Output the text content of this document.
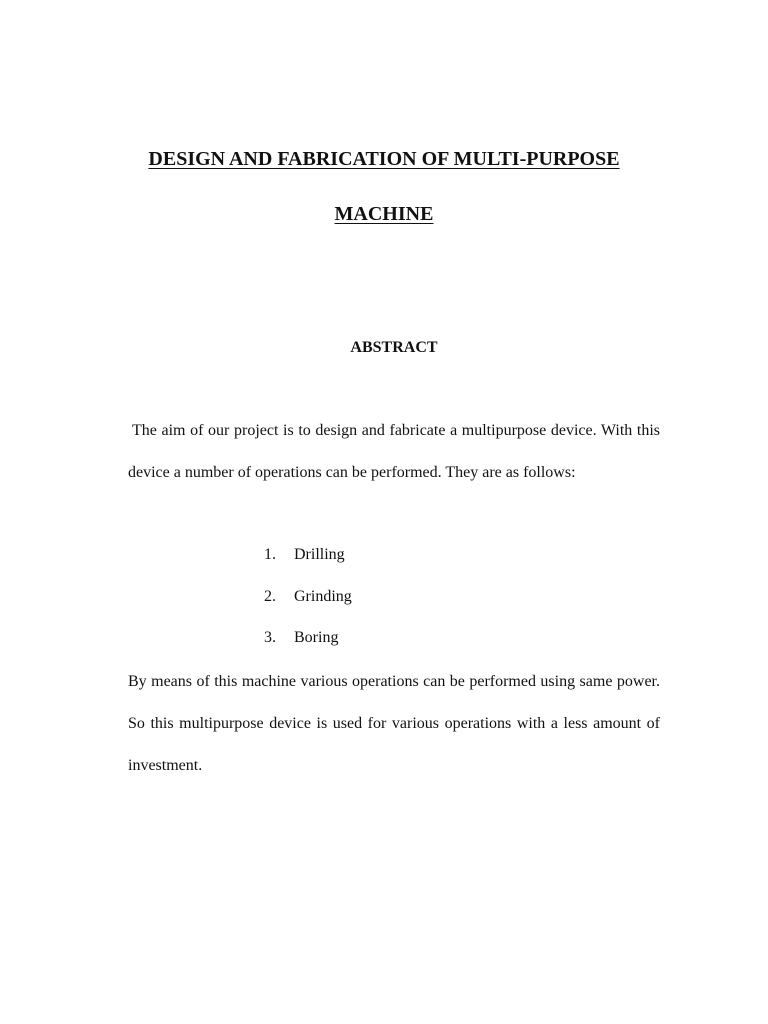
DESIGN AND FABRICATION OF MULTI-PURPOSE
MACHINE
ABSTRACT
The aim of our project is to design and fabricate a multipurpose device. With this device a number of operations can be performed. They are as follows:
1. Drilling
2. Grinding
3. Boring
By means of this machine various operations can be performed using same power. So this multipurpose device is used for various operations with a less amount of investment.
